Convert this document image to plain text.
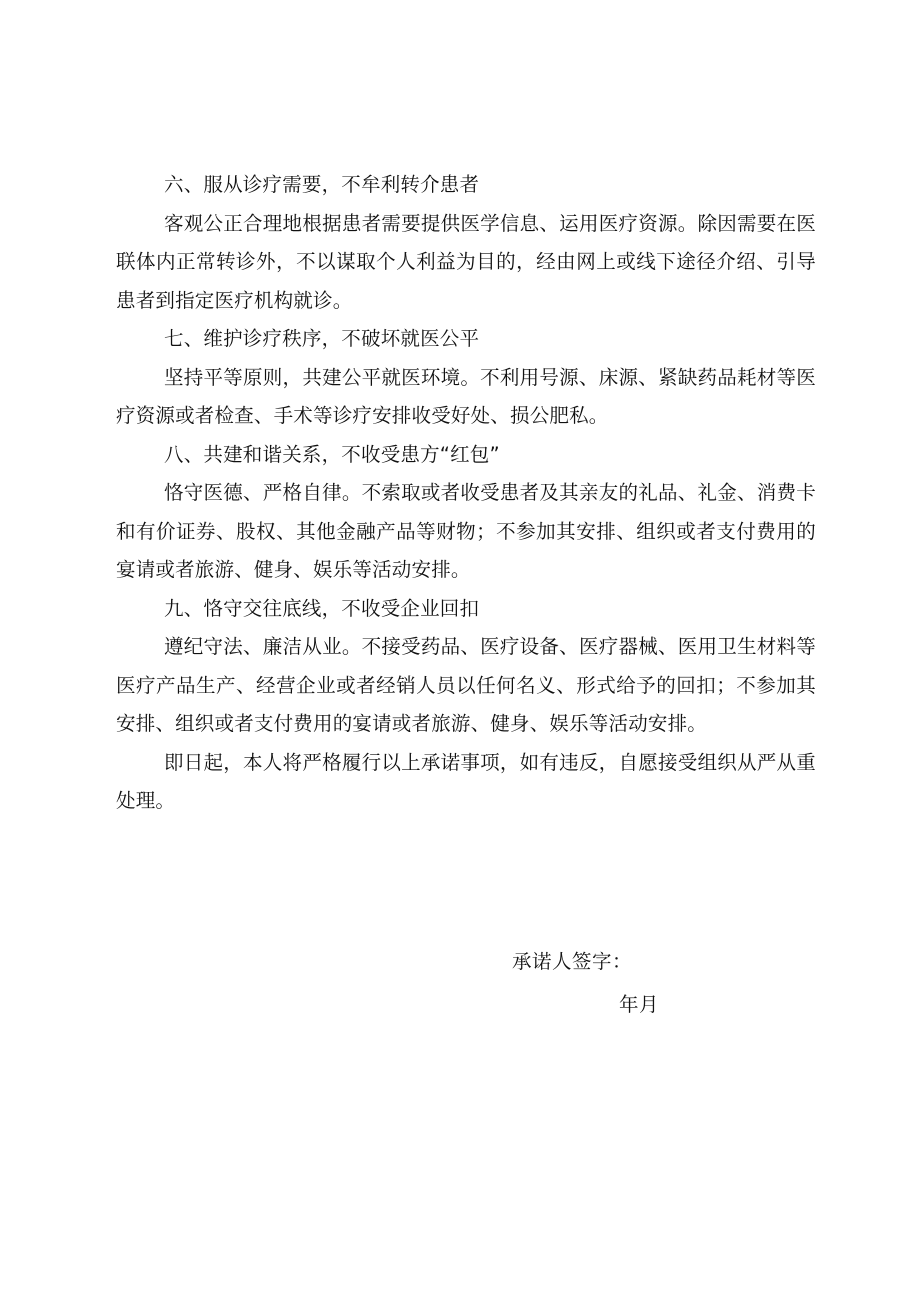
六、服从诊疗需要，不牟利转介患者

客观公正合理地根据患者需要提供医学信息、运用医疗资源。除因需要在医联体内正常转诊外，不以谋取个人利益为目的，经由网上或线下途径介绍、引导患者到指定医疗机构就诊。

七、维护诊疗秩序，不破坏就医公平

坚持平等原则，共建公平就医环境。不利用号源、床源、紧缺药品耗材等医疗资源或者检查、手术等诊疗安排收受好处、损公肥私。

八、共建和谐关系，不收受患方“红包”

恪守医德、严格自律。不索取或者收受患者及其亲友的礼品、礼金、消费卡和有价证券、股权、其他金融产品等财物；不参加其安排、组织或者支付费用的宴请或者旅游、健身、娱乐等活动安排。

九、恪守交往底线，不收受企业回扣

遵纪守法、廉洁从业。不接受药品、医疗设备、医疗器械、医用卫生材料等医疗产品生产、经营企业或者经销人员以任何名义、形式给予的回扣；不参加其安排、组织或者支付费用的宴请或者旅游、健身、娱乐等活动安排。

即日起，本人将严格履行以上承诺事项，如有违反，自愿接受组织从严从重处理。

承诺人签字：
年月
